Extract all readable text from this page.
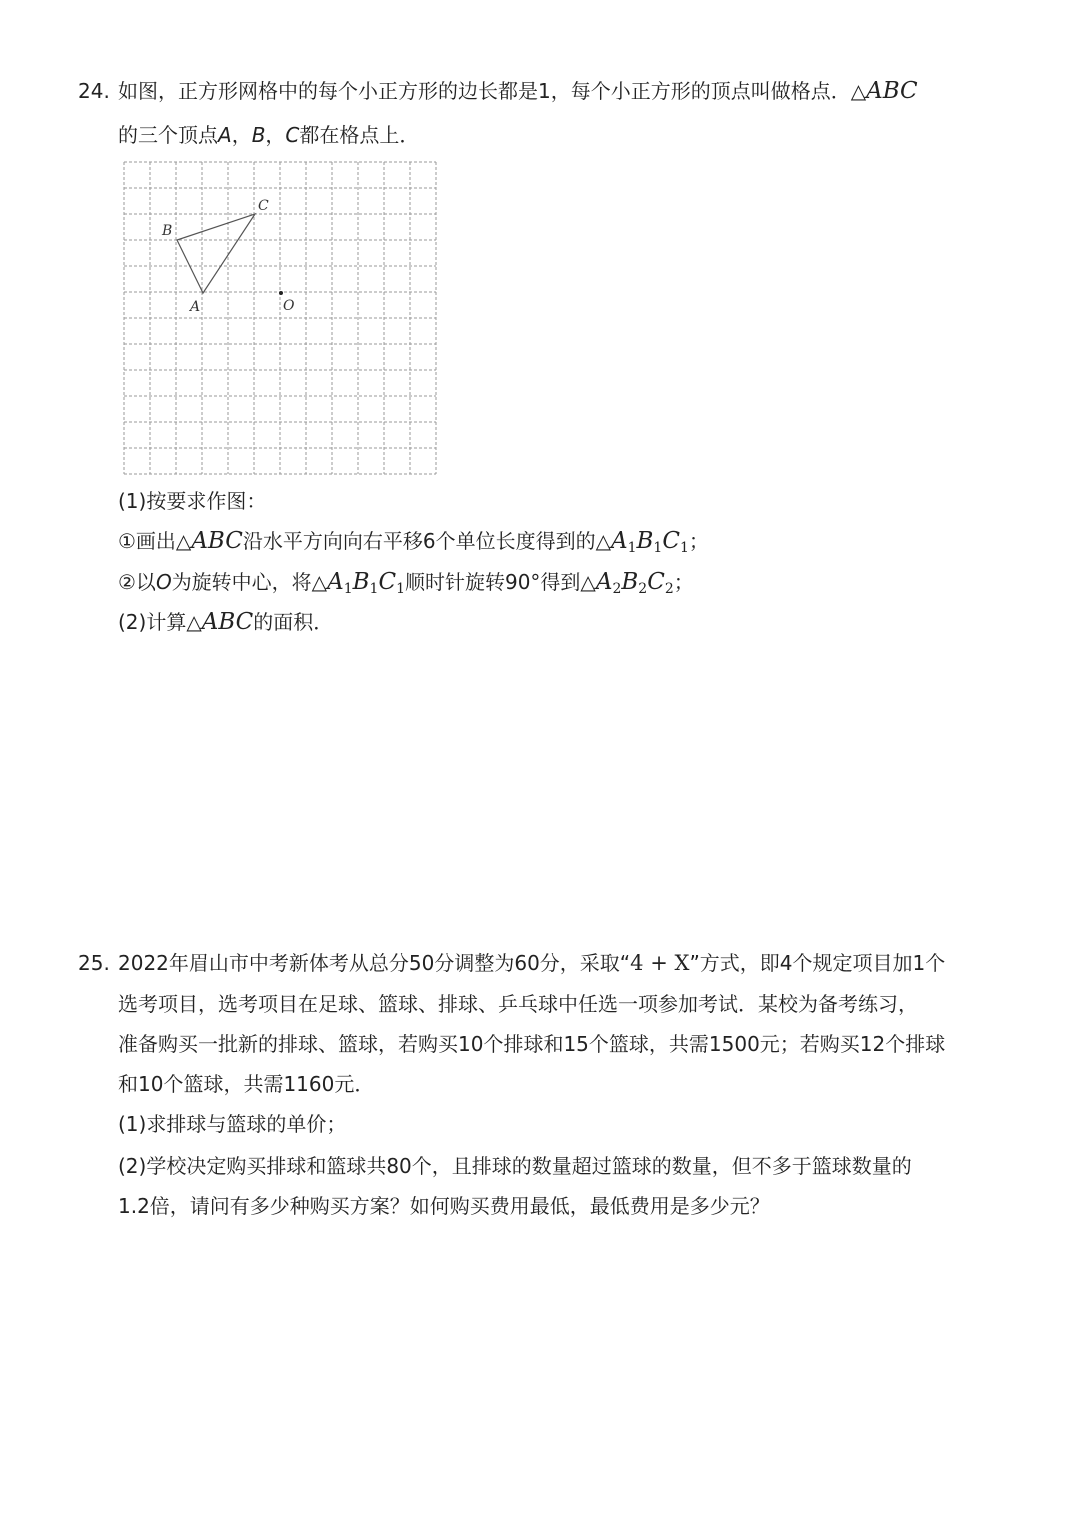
24. 如图，正方形网格中的每个小正方形的边长都是1，每个小正方形的顶点叫做格点．△ABC
的三个顶点A，B，C都在格点上．
A
B
C
O
(1)按要求作图：
①画出△ABC沿水平方向向右平移6个单位长度得到的$\triangle A_1B_1C_1$；
②以O为旋转中心，将$\triangle A_1B_1C_1$顺时针旋转90°得到$\triangle A_2B_2C_2$；
(2)计算△ABC的面积．
25. 2022年眉山市中考新体考从总分50分调整为60分，采取“4 + X”方式，即4个规定项目加1个
选考项目，选考项目在足球、篮球、排球、乒乓球中任选一项参加考试．某校为备考练习，
准备购买一批新的排球、篮球，若购买10个排球和15个篮球，共需1500元；若购买12个排球
和10个篮球，共需1160元．
(1)求排球与篮球的单价；
(2)学校决定购买排球和篮球共80个，且排球的数量超过篮球的数量，但不多于篮球数量的
1.2倍，请问有多少种购买方案？如何购买费用最低，最低费用是多少元？
